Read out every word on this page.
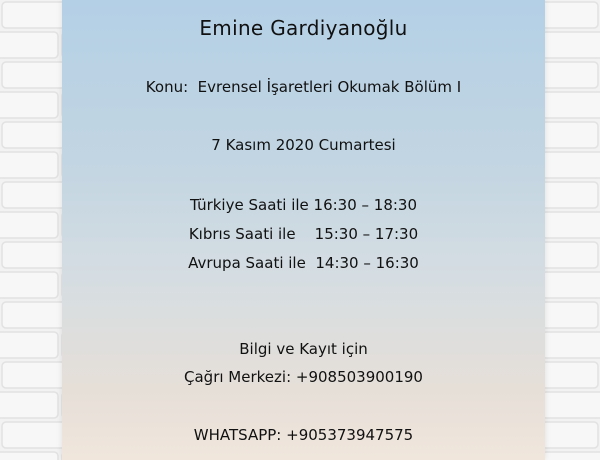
Emine Gardiyanoğlu
Konu:  Evrensel İşaretleri Okumak Bölüm I
7 Kasım 2020 Cumartesi
Türkiye Saati ile 16:30 – 18:30
Kıbrıs Saati ile    15:30 – 17:30
Avrupa Saati ile  14:30 – 16:30
Bilgi ve Kayıt için
Çağrı Merkezi: +908503900190
WHATSAPP: +905373947575
